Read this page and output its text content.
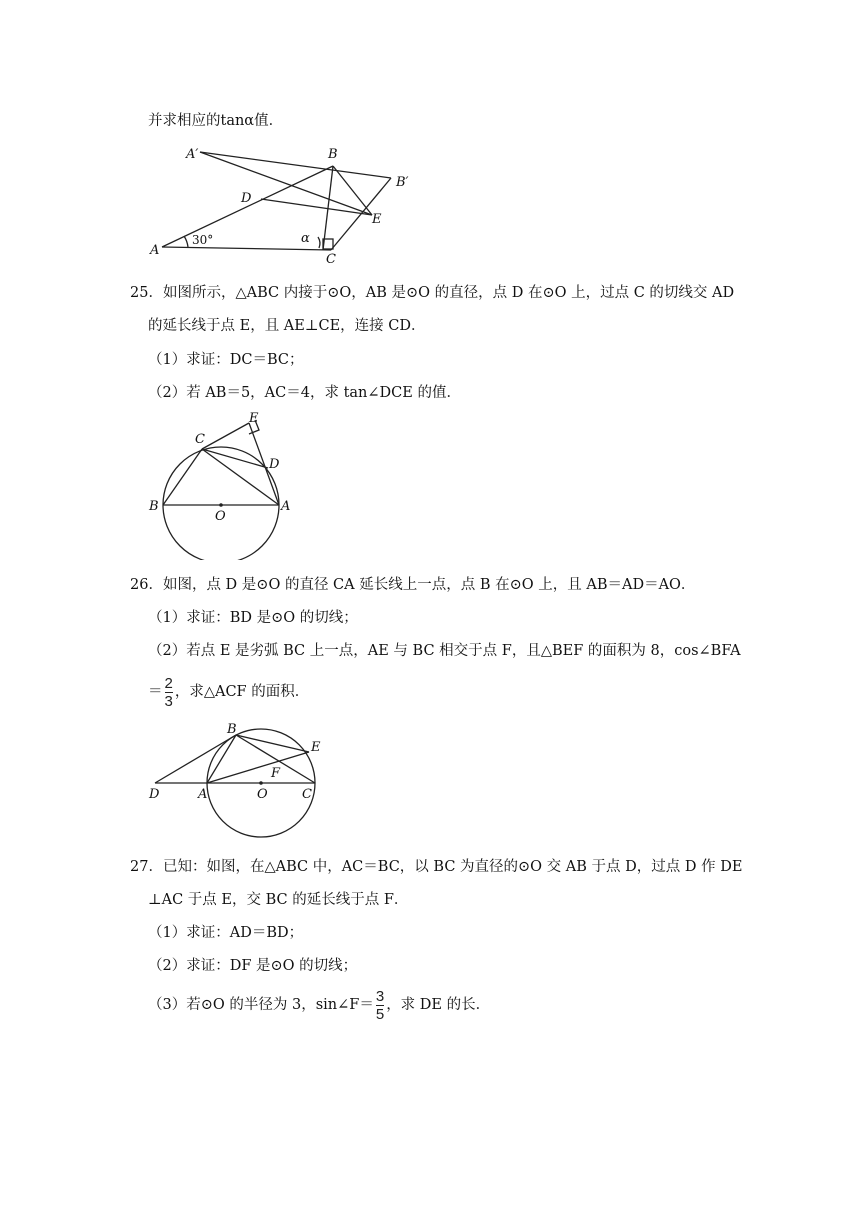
并求相应的tanα值．
A
A′	B
B′
C
D
E
30°	α
25．如图所示，△ABC 内接于⊙O，AB 是⊙O 的直径，点 D 在⊙O 上，过点 C 的切线交 AD
的延长线于点 E，且 AE⊥CE，连接 CD．
（1）求证：DC＝BC；
（2）若 AB＝5，AC＝4，求 tan∠DCE 的值．
B	A
C
E
D
O
26．如图，点 D 是⊙O 的直径 CA 延长线上一点，点 B 在⊙O 上，且 AB＝AD＝AO．
（1）求证：BD 是⊙O 的切线；
（2）若点 E 是劣弧 BC 上一点，AE 与 BC 相交于点 F，且△BEF 的面积为 8，cos∠BFA
＝ $\frac{2}{3}$ ，求△ACF 的面积．
D	A	O	C
B
E
F
27．已知：如图，在△ABC 中，AC＝BC，以 BC 为直径的⊙O 交 AB 于点 D，过点 D 作 DE
⊥AC 于点 E，交 BC 的延长线于点 F．
（1）求证：AD＝BD；
（2）求证：DF 是⊙O 的切线；
（3）若⊙O 的半径为 3，sin∠F＝ $\frac{3}{5}$ ，求 DE 的长．
